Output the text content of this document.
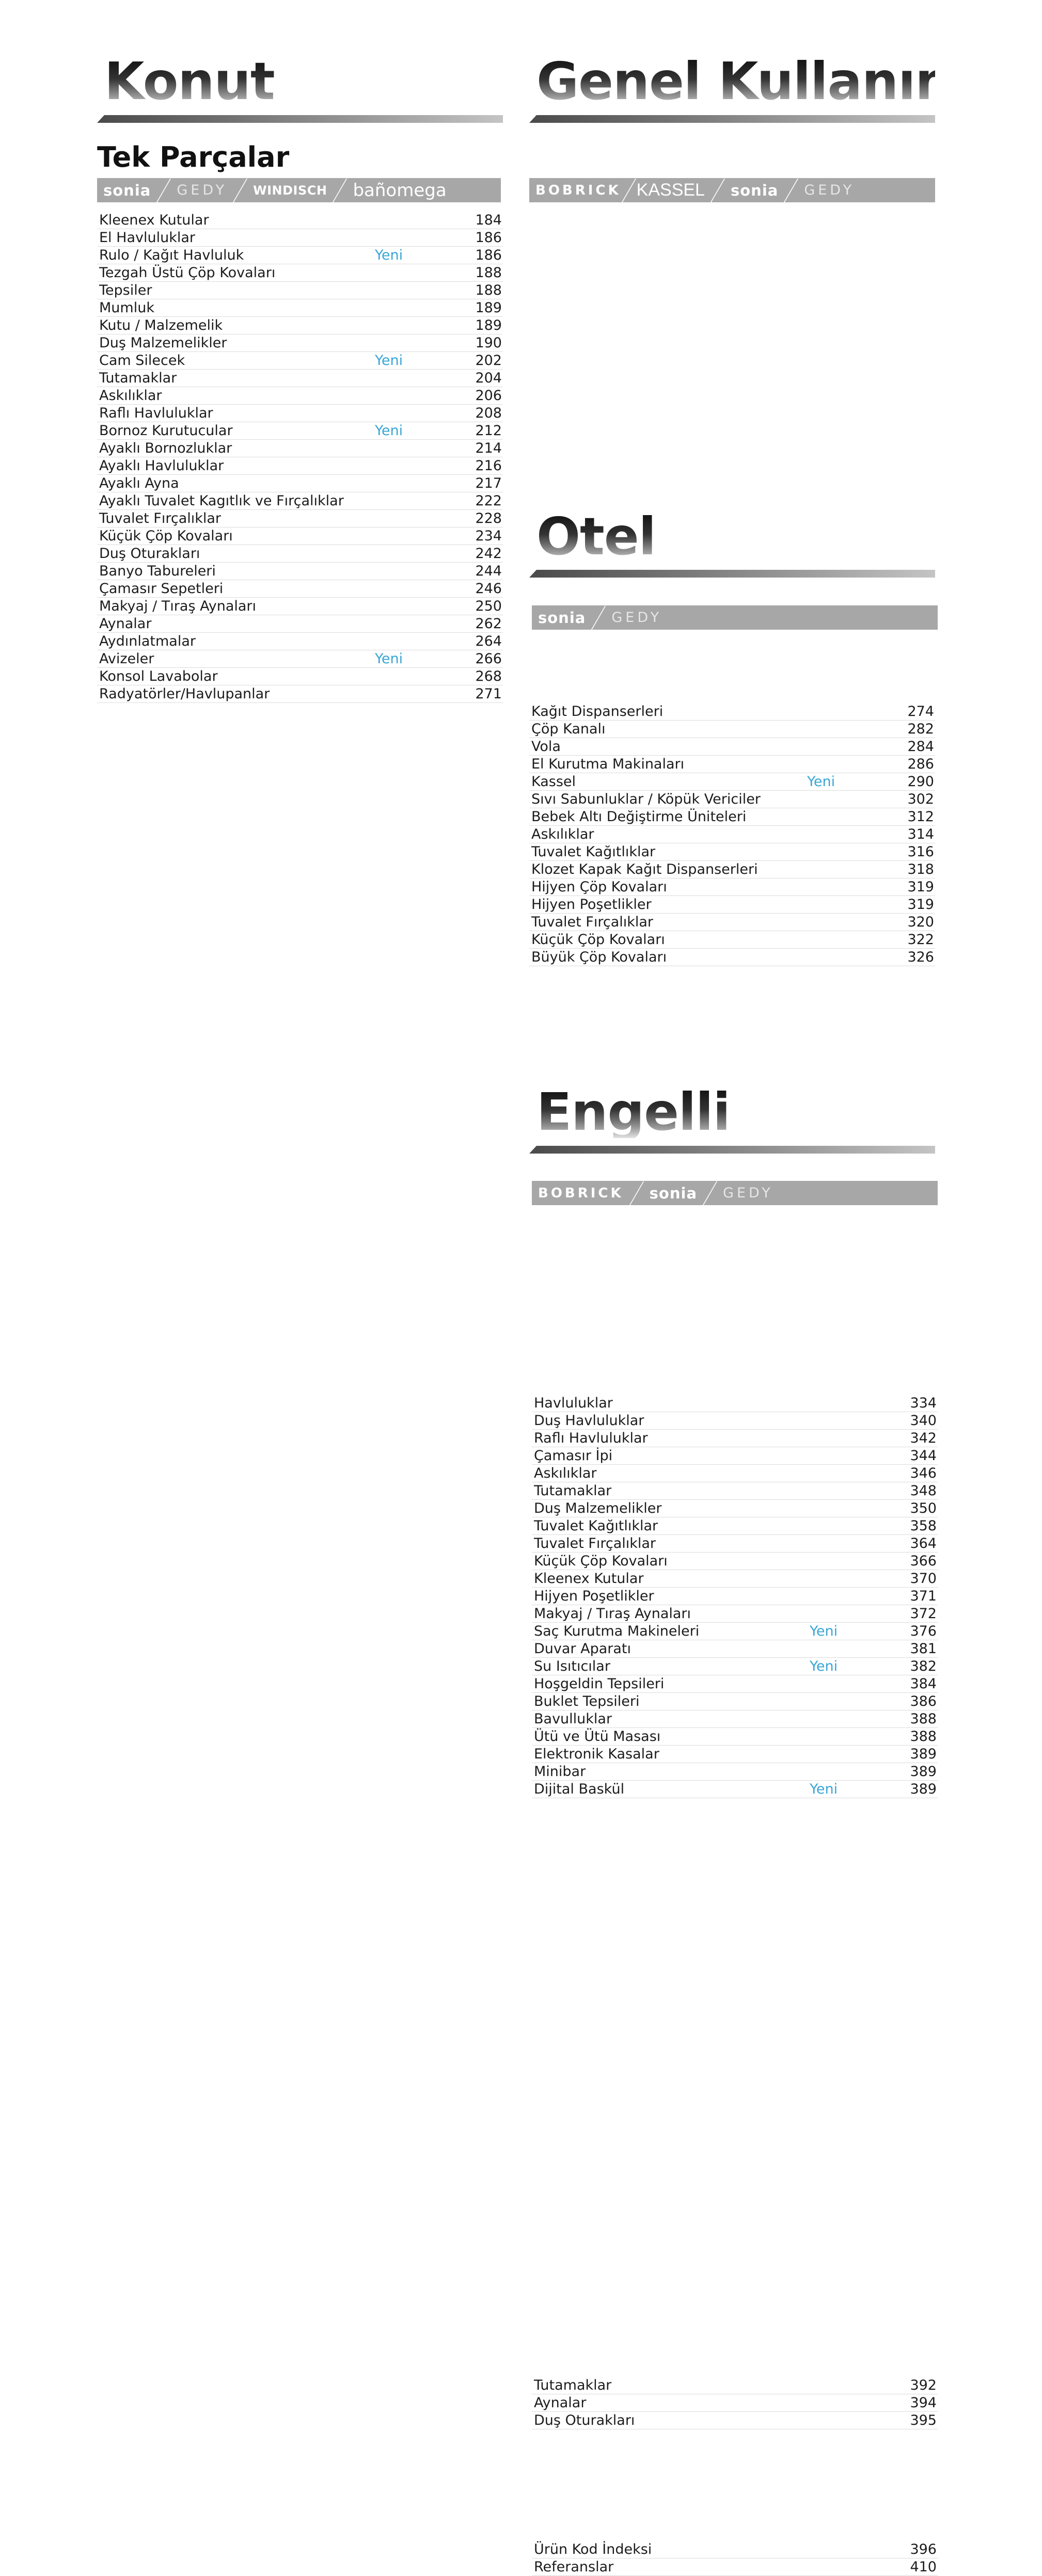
Konut
Tek Parçalar
sonia GEDY WINDISCH bañomega
Kleenex Kutular	184
El Havluluklar	186
Rulo / Kağıt Havluluk	Yeni	186
Tezgah Üstü Çöp Kovaları	188
Tepsiler	188
Mumluk	189
Kutu / Malzemelik	189
Duş Malzemelikler	190
Cam Silecek	Yeni	202
Tutamaklar	204
Askılıklar	206
Raflı Havluluklar	208
Bornoz Kurutucular	Yeni	212
Ayaklı Bornozluklar	214
Ayaklı Havluluklar	216
Ayaklı Ayna	217
Ayaklı Tuvalet Kagıtlık ve Fırçalıklar	222
Tuvalet Fırçalıklar	228
Küçük Çöp Kovaları	234
Duş Oturakları	242
Banyo Tabureleri	244
Çamasır Sepetleri	246
Makyaj / Tıraş Aynaları	250
Aynalar	262
Aydınlatmalar	264
Avizeler	Yeni	266
Konsol Lavabolar	268
Radyatörler/Havlupanlar	271
Genel Kullanım
BOBRICK KASSEL sonia GEDY
Kağıt Dispanserleri	274
Çöp Kanalı	282
Vola	284
El Kurutma Makinaları	286
Kassel	Yeni	290
Sıvı Sabunluklar / Köpük Vericiler	302
Bebek Altı Değiştirme Üniteleri	312
Askılıklar	314
Tuvalet Kağıtlıklar	316
Klozet Kapak Kağıt Dispanserleri	318
Hijyen Çöp Kovaları	319
Hijyen Poşetlikler	319
Tuvalet Fırçalıklar	320
Küçük Çöp Kovaları	322
Büyük Çöp Kovaları	326
Otel
sonia GEDY
Havluluklar	334
Duş Havluluklar	340
Raflı Havluluklar	342
Çamasır İpi	344
Askılıklar	346
Tutamaklar	348
Duş Malzemelikler	350
Tuvalet Kağıtlıklar	358
Tuvalet Fırçalıklar	364
Küçük Çöp Kovaları	366
Kleenex Kutular	370
Hijyen Poşetlikler	371
Makyaj / Tıraş Aynaları	372
Saç Kurutma Makineleri	Yeni	376
Duvar Aparatı	381
Su Isıtıcılar	Yeni	382
Hoşgeldin Tepsileri	384
Buklet Tepsileri	386
Bavulluklar	388
Ütü ve Ütü Masası	388
Elektronik Kasalar	389
Minibar	389
Dijital Baskül	Yeni	389
Engelli
BOBRICK sonia GEDY
Tutamaklar	392
Aynalar	394
Duş Oturakları	395
Ürün Kod İndeksi	396
Referanslar	410
